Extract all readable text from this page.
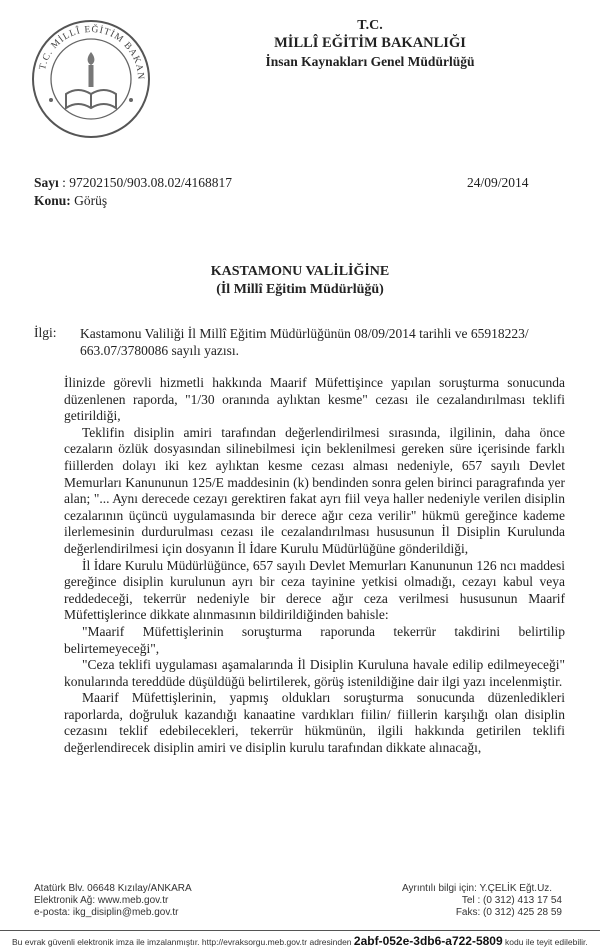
T.C. MİLLÎ EĞİTİM BAKAN
T.C.
MİLLÎ EĞİTİM BAKANLIĞI
İnsan Kaynakları Genel Müdürlüğü
Sayı : 97202150/903.08.02/4168817	24/09/2014
Konu: Görüş
KASTAMONU VALİLİĞİNE
(İl Millî Eğitim Müdürlüğü)
İlgi: Kastamonu Valiliği İl Millî Eğitim Müdürlüğünün 08/09/2014 tarihli ve 65918223/ 663.07/3780086 sayılı yazısı.

İlinizde görevli hizmetli hakkında Maarif Müfettişince yapılan soruşturma sonucunda düzenlenen raporda, "1/30 oranında aylıktan kesme" cezası ile cezalandırılması teklifi getirildiği,

Teklifin disiplin amiri tarafından değerlendirilmesi sırasında, ilgilinin, daha önce cezaların özlük dosyasından silinebilmesi için beklenilmesi gereken süre içerisinde farklı fiillerden dolayı iki kez aylıktan kesme cezası alması nedeniyle, 657 sayılı Devlet Memurları Kanununun 125/E maddesinin (k) bendinden sonra gelen birinci paragrafında yer alan; "... Aynı derecede cezayı gerektiren fakat ayrı fiil veya haller nedeniyle verilen disiplin cezalarının üçüncü uygulamasında bir derece ağır ceza verilir" hükmü gereğince kademe ilerlemesinin durdurulması cezası ile cezalandırılması hususunun İl Disiplin Kurulunda değerlendirilmesi için dosyanın İl İdare Kurulu Müdürlüğüne gönderildiği,

İl İdare Kurulu Müdürlüğünce, 657 sayılı Devlet Memurları Kanununun 126 ncı maddesi gereğince disiplin kurulunun ayrı bir ceza tayinine yetkisi olmadığı, cezayı kabul veya reddedeceği, tekerrür nedeniyle bir derece ağır ceza verilmesi hususunun Maarif Müfettişlerince dikkate alınmasının bildirildiğinden bahisle:

"Maarif Müfettişlerinin soruşturma raporunda tekerrür takdirini belirtilip belirtemeyeceği",

"Ceza teklifi uygulaması aşamalarında İl Disiplin Kuruluna havale edilip edilmeyeceği" konularında tereddüde düşüldüğü belirtilerek, görüş istenildiğine dair ilgi yazı incelenmiştir.

Maarif Müfettişlerinin, yapmış oldukları soruşturma sonucunda düzenledikleri raporlarda, doğruluk kazandığı kanaatine vardıkları fiilin/ fiillerin karşılığı olan disiplin cezasını teklif edebilecekleri, tekerrür hükmünün, ilgili hakkında getirilen teklifi değerlendirecek disiplin amiri ve disiplin kurulu tarafından dikkate alınacağı,

Atatürk Blv. 06648 Kızılay/ANKARA
Elektronik Ağ: www.meb.gov.tr
e-posta: ikg_disiplin@meb.gov.tr
Ayrıntılı bilgi için: Y.ÇELİK Eğt.Uz.
Tel : (0 312) 413 17 54
Faks: (0 312) 425 28 59
Bu evrak güvenli elektronik imza ile imzalanmıştır. http://evraksorgu.meb.gov.tr adresinden 2abf-052e-3db6-a722-5809 kodu ile teyit edilebilir.
